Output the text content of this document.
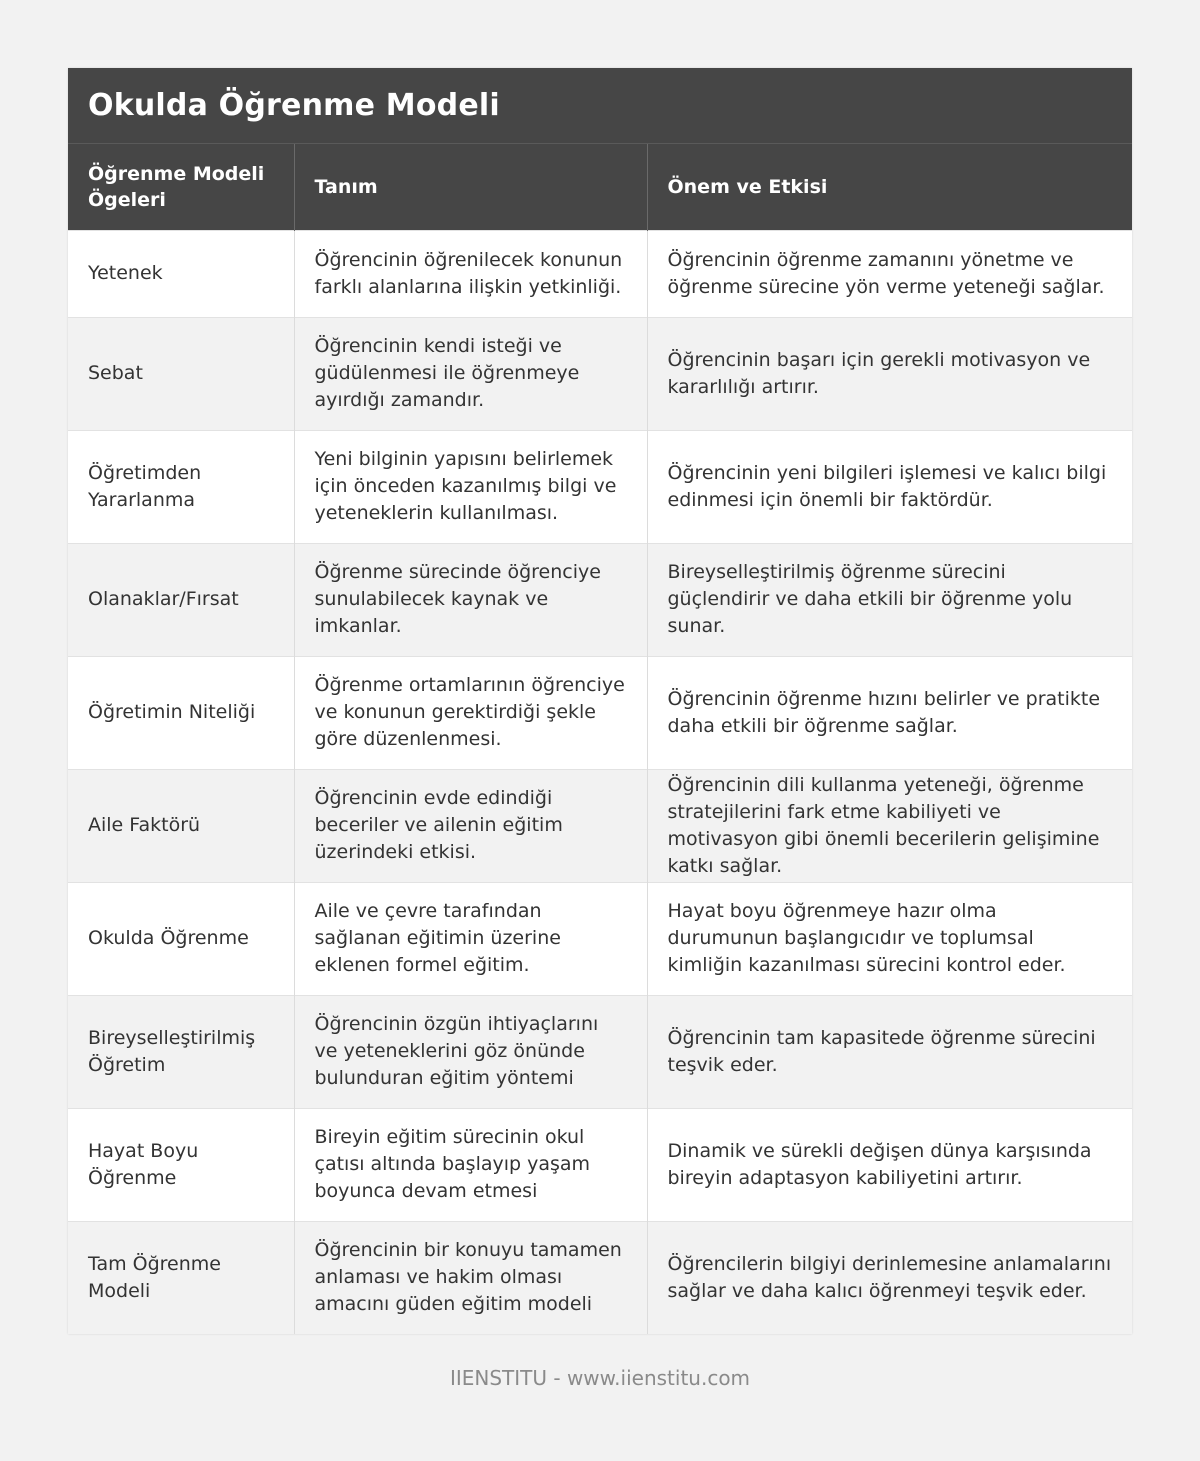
Okulda Öğrenme Modeli
Öğrenme Modeli Ögeleri	Tanım	Önem ve Etkisi
Yetenek	Öğrencinin öğrenilecek konunun farklı alanlarına ilişkin yetkinliği.	Öğrencinin öğrenme zamanını yönetme ve öğrenme sürecine yön verme yeteneği sağlar.
Sebat	Öğrencinin kendi isteği ve güdülenmesi ile öğrenmeye ayırdığı zamandır.	Öğrencinin başarı için gerekli motivasyon ve kararlılığı artırır.
Öğretimden Yararlanma	Yeni bilginin yapısını belirlemek için önceden kazanılmış bilgi ve yeteneklerin kullanılması.	Öğrencinin yeni bilgileri işlemesi ve kalıcı bilgi edinmesi için önemli bir faktördür.
Olanaklar/Fırsat	Öğrenme sürecinde öğrenciye sunulabilecek kaynak ve imkanlar.	Bireyselleştirilmiş öğrenme sürecini güçlendirir ve daha etkili bir öğrenme yolu sunar.
Öğretimin Niteliği	Öğrenme ortamlarının öğrenciye ve konunun gerektirdiği şekle göre düzenlenmesi.	Öğrencinin öğrenme hızını belirler ve pratikte daha etkili bir öğrenme sağlar.
Aile Faktörü	Öğrencinin evde edindiği beceriler ve ailenin eğitim üzerindeki etkisi.	Öğrencinin dili kullanma yeteneği, öğrenme stratejilerini fark etme kabiliyeti ve motivasyon gibi önemli becerilerin gelişimine katkı sağlar.
Okulda Öğrenme	Aile ve çevre tarafından sağlanan eğitimin üzerine eklenen formel eğitim.	Hayat boyu öğrenmeye hazır olma durumunun başlangıcıdır ve toplumsal kimliğin kazanılması sürecini kontrol eder.
Bireyselleştirilmiş Öğretim	Öğrencinin özgün ihtiyaçlarını ve yeteneklerini göz önünde bulunduran eğitim yöntemi	Öğrencinin tam kapasitede öğrenme sürecini teşvik eder.
Hayat Boyu Öğrenme	Bireyin eğitim sürecinin okul çatısı altında başlayıp yaşam boyunca devam etmesi	Dinamik ve sürekli değişen dünya karşısında bireyin adaptasyon kabiliyetini artırır.
Tam Öğrenme Modeli	Öğrencinin bir konuyu tamamen anlaması ve hakim olması amacını güden eğitim modeli	Öğrencilerin bilgiyi derinlemesine anlamalarını sağlar ve daha kalıcı öğrenmeyi teşvik eder.
IIENSTITU - www.iienstitu.com
